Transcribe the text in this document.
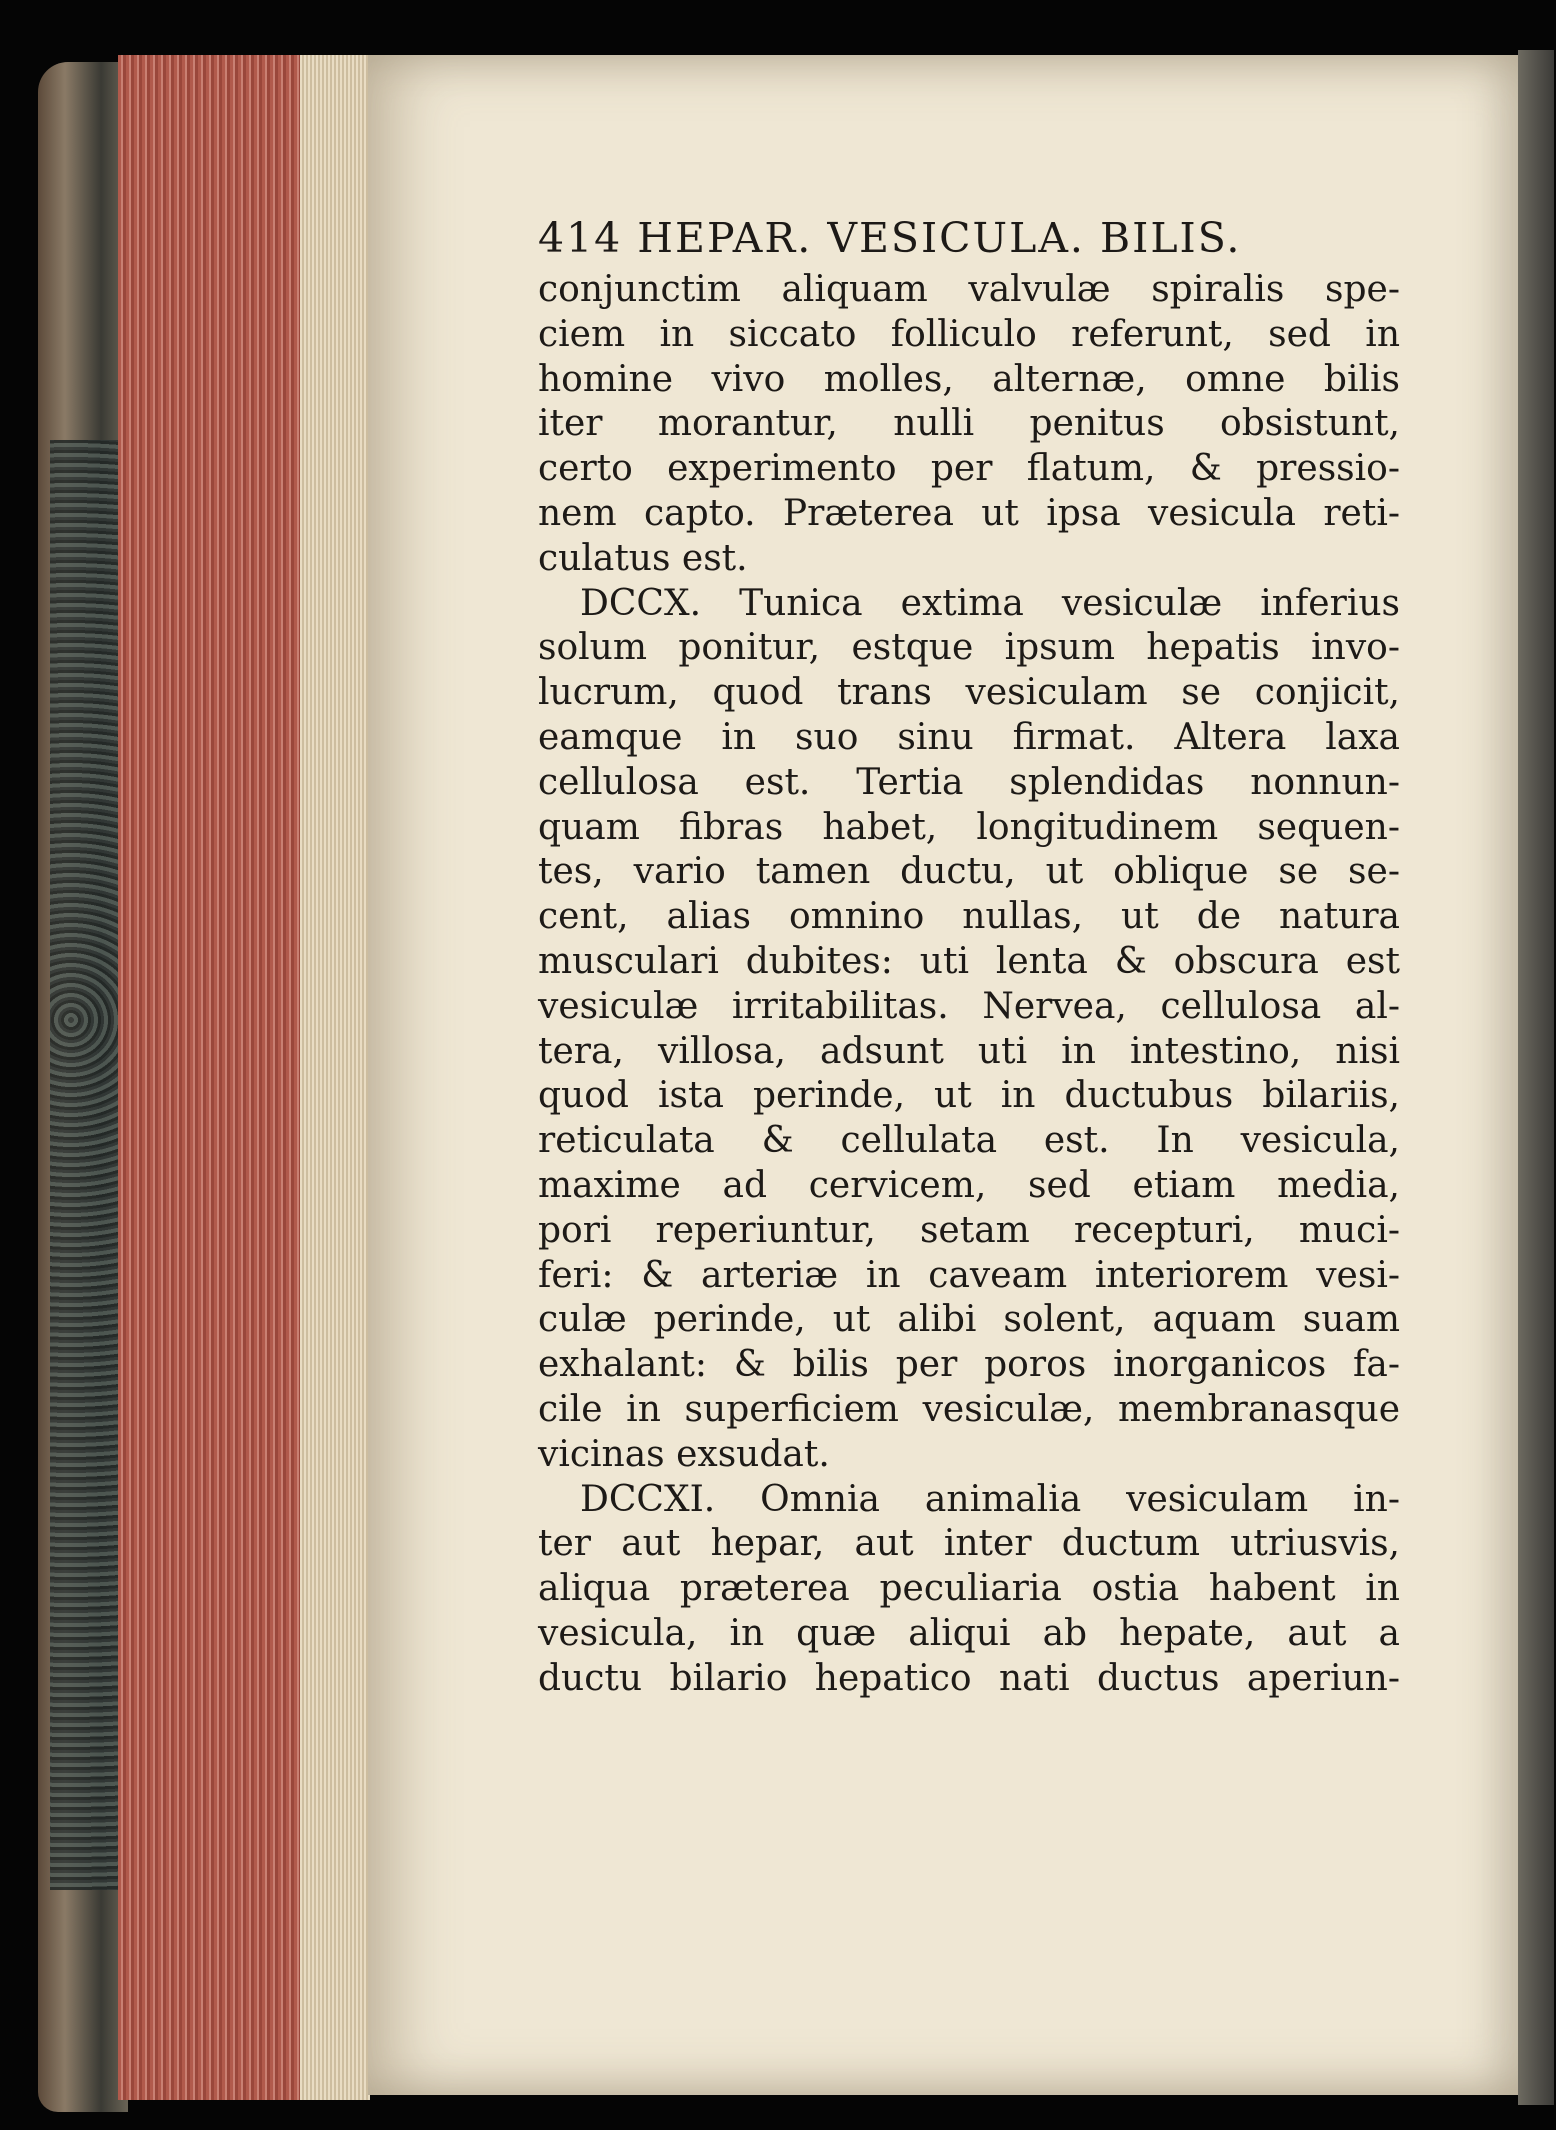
414 HEPAR. VESICULA. BILIS.
conjunctim aliquam valvulæ spiralis spe-
ciem in siccato folliculo referunt, sed in
homine vivo molles, alternæ, omne bilis
iter morantur, nulli penitus obsistunt,
certo experimento per flatum, & pressio-
nem capto. Præterea ut ipsa vesicula reti-
culatus est.
DCCX. Tunica extima vesiculæ inferius
solum ponitur, estque ipsum hepatis invo-
lucrum, quod trans vesiculam se conjicit,
eamque in suo sinu firmat. Altera laxa
cellulosa est. Tertia splendidas nonnun-
quam fibras habet, longitudinem sequen-
tes, vario tamen ductu, ut oblique se se-
cent, alias omnino nullas, ut de natura
musculari dubites: uti lenta & obscura est
vesiculæ irritabilitas. Nervea, cellulosa al-
tera, villosa, adsunt uti in intestino, nisi
quod ista perinde, ut in ductubus bilariis,
reticulata & cellulata est. In vesicula,
maxime ad cervicem, sed etiam media,
pori reperiuntur, setam recepturi, muci-
feri: & arteriæ in caveam interiorem vesi-
culæ perinde, ut alibi solent, aquam suam
exhalant: & bilis per poros inorganicos fa-
cile in superficiem vesiculæ, membranasque
vicinas exsudat.
DCCXI. Omnia animalia vesiculam in-
ter aut hepar, aut inter ductum utriusvis,
aliqua præterea peculiaria ostia habent in
vesicula, in quæ aliqui ab hepate, aut a
ductu bilario hepatico nati ductus aperiun-
